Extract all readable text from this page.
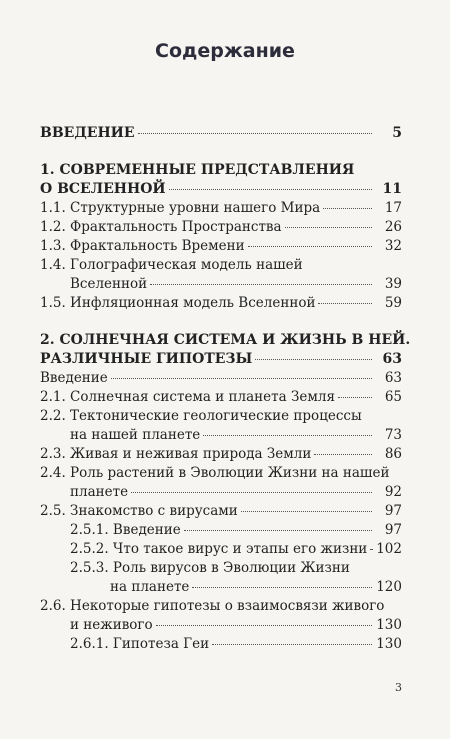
Содержание
ВВЕДЕНИЕ	5
1. СОВРЕМЕННЫЕ ПРЕДСТАВЛЕНИЯ
О ВСЕЛЕННОЙ	11
1.1. Структурные уровни нашего Мира	17
1.2. Фрактальность Пространства	26
1.3. Фрактальность Времени	32
1.4. Голографическая модель нашей
Вселенной	39
1.5. Инфляционная модель Вселенной	59
2. СОЛНЕЧНАЯ СИСТЕМА И ЖИЗНЬ В НЕЙ.
РАЗЛИЧНЫЕ ГИПОТЕЗЫ	63
Введение	63
2.1. Солнечная система и планета Земля	65
2.2. Тектонические геологические процессы
на нашей планете	73
2.3. Живая и неживая природа Земли	86
2.4. Роль растений в Эволюции Жизни на нашей
планете	92
2.5. Знакомство с вирусами	97
2.5.1. Введение	97
2.5.2. Что такое вирус и этапы его жизни 102
2.5.3. Роль вирусов в Эволюции Жизни
на планете	120
2.6. Некоторые гипотезы о взаимосвязи живого
и неживого	130
2.6.1. Гипотеза Геи	130
3
